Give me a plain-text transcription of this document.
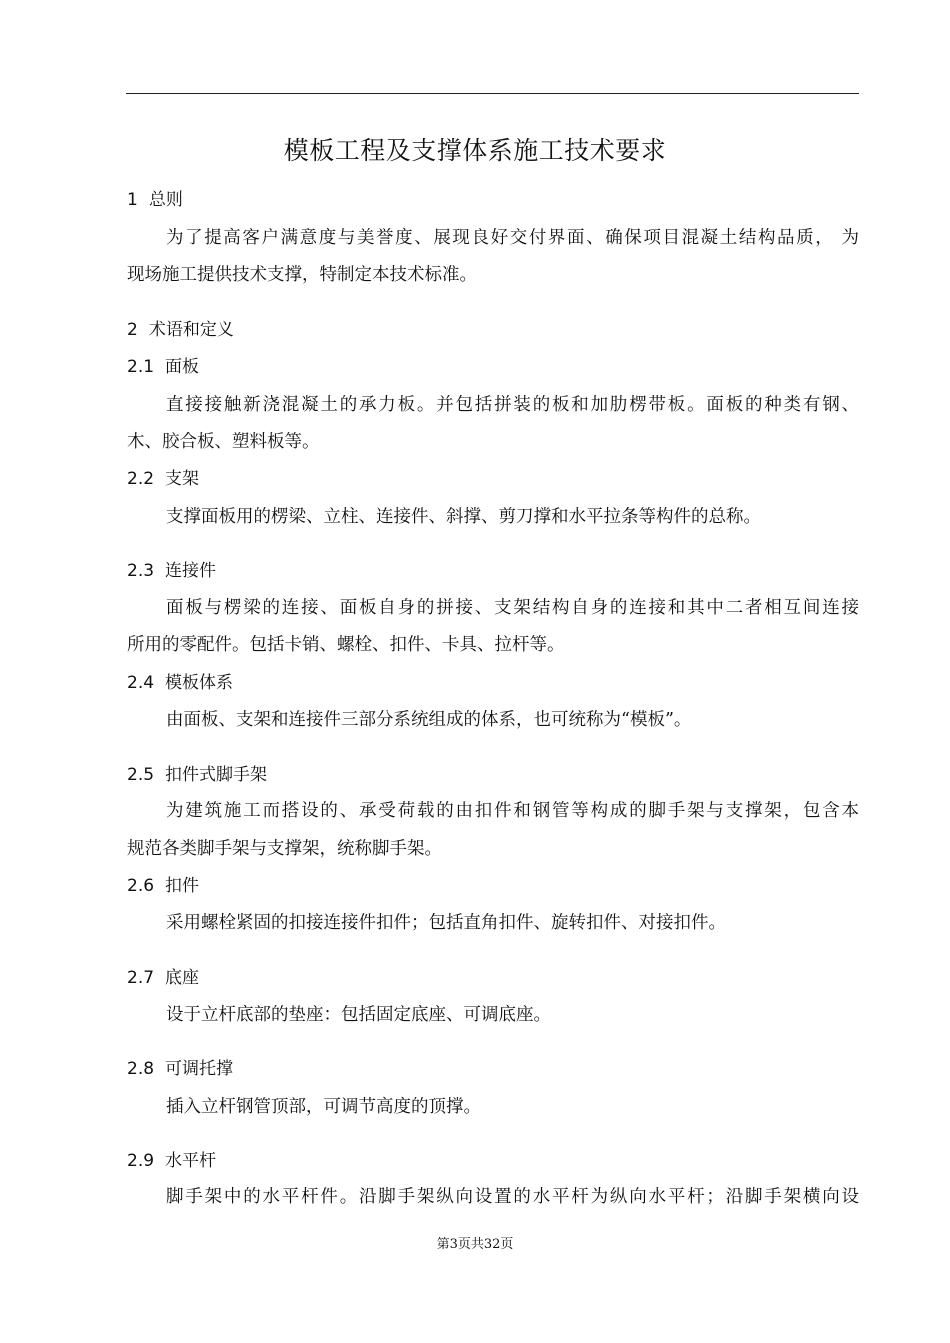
模板工程及支撑体系施工技术要求
1 总则
为了提高客户满意度与美誉度、展现良好交付界面、确保项目混凝土结构品质， 为
现场施工提供技术支撑，特制定本技术标准。
2 术语和定义
2.1 面板
直接接触新浇混凝土的承力板。并包括拼装的板和加肋楞带板。面板的种类有钢、
木、胶合板、塑料板等。
2.2 支架
支撑面板用的楞梁、立柱、连接件、斜撑、剪刀撑和水平拉条等构件的总称。
2.3 连接件
面板与楞梁的连接、面板自身的拼接、支架结构自身的连接和其中二者相互间连接
所用的零配件。包括卡销、螺栓、扣件、卡具、拉杆等。
2.4 模板体系
由面板、支架和连接件三部分系统组成的体系，也可统称为“模板”。
2.5 扣件式脚手架
为建筑施工而搭设的、承受荷载的由扣件和钢管等构成的脚手架与支撑架，包含本
规范各类脚手架与支撑架，统称脚手架。
2.6 扣件
采用螺栓紧固的扣接连接件扣件；包括直角扣件、旋转扣件、对接扣件。
2.7 底座
设于立杆底部的垫座：包括固定底座、可调底座。
2.8 可调托撑
插入立杆钢管顶部，可调节高度的顶撑。
2.9 水平杆
脚手架中的水平杆件。沿脚手架纵向设置的水平杆为纵向水平杆；沿脚手架横向设
第3页共32页
